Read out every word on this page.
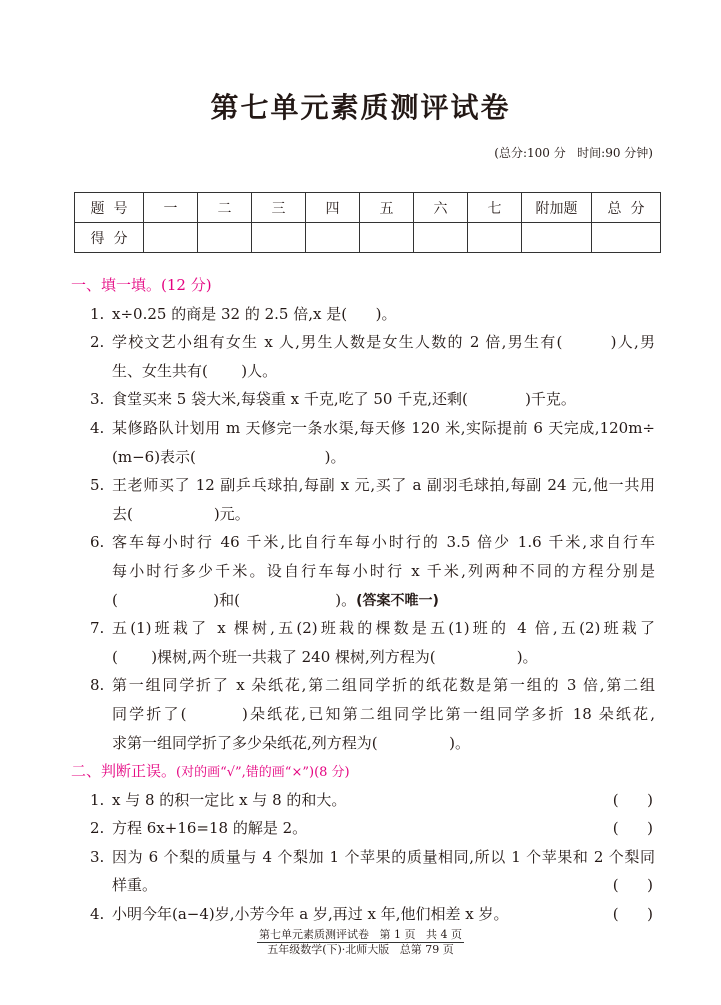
第七单元素质测评试卷
(总分:100 分   时间:90 分钟)
题  号	一	二	三	四	五	六	七	附加题	总  分
得  分									
一、填一填。(12 分)
1. x÷0.25 的商是 32 的 2.5 倍,x 是(      )。
2. 学校文艺小组有女生 x 人,男生人数是女生人数的 2 倍,男生有(        )人,男
生、女生共有(       )人。
3. 食堂买来 5 袋大米,每袋重 x 千克,吃了 50 千克,还剩(            )千克。
4. 某修路队计划用 m 天修完一条水渠,每天修 120 米,实际提前 6 天完成,120m÷
(m−6)表示(                           )。
5. 王老师买了 12 副乒乓球拍,每副 x 元,买了 a 副羽毛球拍,每副 24 元,他一共用
去(                 )元。
6. 客车每小时行 46 千米,比自行车每小时行的 3.5 倍少 1.6 千米,求自行车
每小时行多少千米。设自行车每小时行 x 千米,列两种不同的方程分别是
(                    )和(                    )。(答案不唯一)
7. 五(1)班栽了 x 棵树,五(2)班栽的棵数是五(1)班的 4 倍,五(2)班栽了
(       )棵树,两个班一共栽了 240 棵树,列方程为(                 )。
8. 第一组同学折了 x 朵纸花,第二组同学折的纸花数是第一组的 3 倍,第二组
同学折了(        )朵纸花,已知第二组同学比第一组同学多折 18 朵纸花,
求第一组同学折了多少朵纸花,列方程为(               )。
二、判断正误。(对的画“√”,错的画“×”)(8 分)
1. x 与 8 的积一定比 x 与 8 的和大。	(      )
2. 方程 6x+16=18 的解是 2。	(      )
3. 因为 6 个梨的质量与 4 个梨加 1 个苹果的质量相同,所以 1 个苹果和 2 个梨同
样重。	(      )
4. 小明今年(a−4)岁,小芳今年 a 岁,再过 x 年,他们相差 x 岁。	(      )
第七单元素质测评试卷   第 1 页   共 4 页
五年级数学(下)·北师大版   总第 79 页
